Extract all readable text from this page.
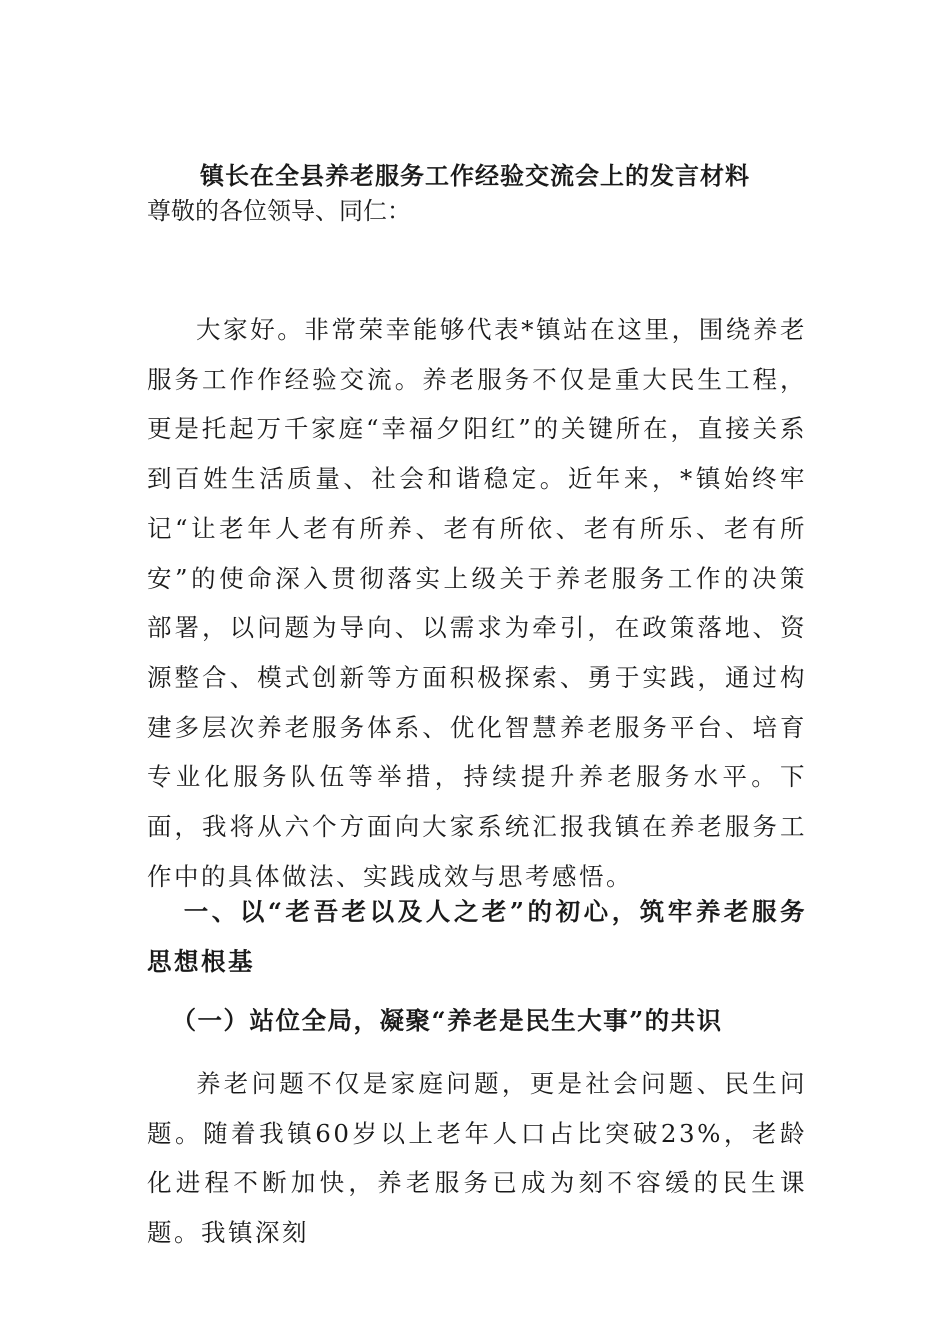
镇长在全县养老服务工作经验交流会上的发言材料
尊敬的各位领导、同仁：

大家好。非常荣幸能够代表*镇站在这里，围绕养老服务工作作经验交流。养老服务不仅是重大民生工程，更是托起万千家庭“幸福夕阳红”的关键所在，直接关系到百姓生活质量、社会和谐稳定。近年来，*镇始终牢记“让老年人老有所养、老有所依、老有所乐、老有所安”的使命深入贯彻落实上级关于养老服务工作的决策部署，以问题为导向、以需求为牵引，在政策落地、资源整合、模式创新等方面积极探索、勇于实践，通过构建多层次养老服务体系、优化智慧养老服务平台、培育专业化服务队伍等举措，持续提升养老服务水平。下面，我将从六个方面向大家系统汇报我镇在养老服务工作中的具体做法、实践成效与思考感悟。

一、以“老吾老以及人之老”的初心，筑牢养老服务思想根基

（一）站位全局，凝聚“养老是民生大事”的共识

养老问题不仅是家庭问题，更是社会问题、民生问题。随着我镇60岁以上老年人口占比突破23%，老龄化进程不断加快，养老服务已成为刻不容缓的民生课题。我镇深刻
